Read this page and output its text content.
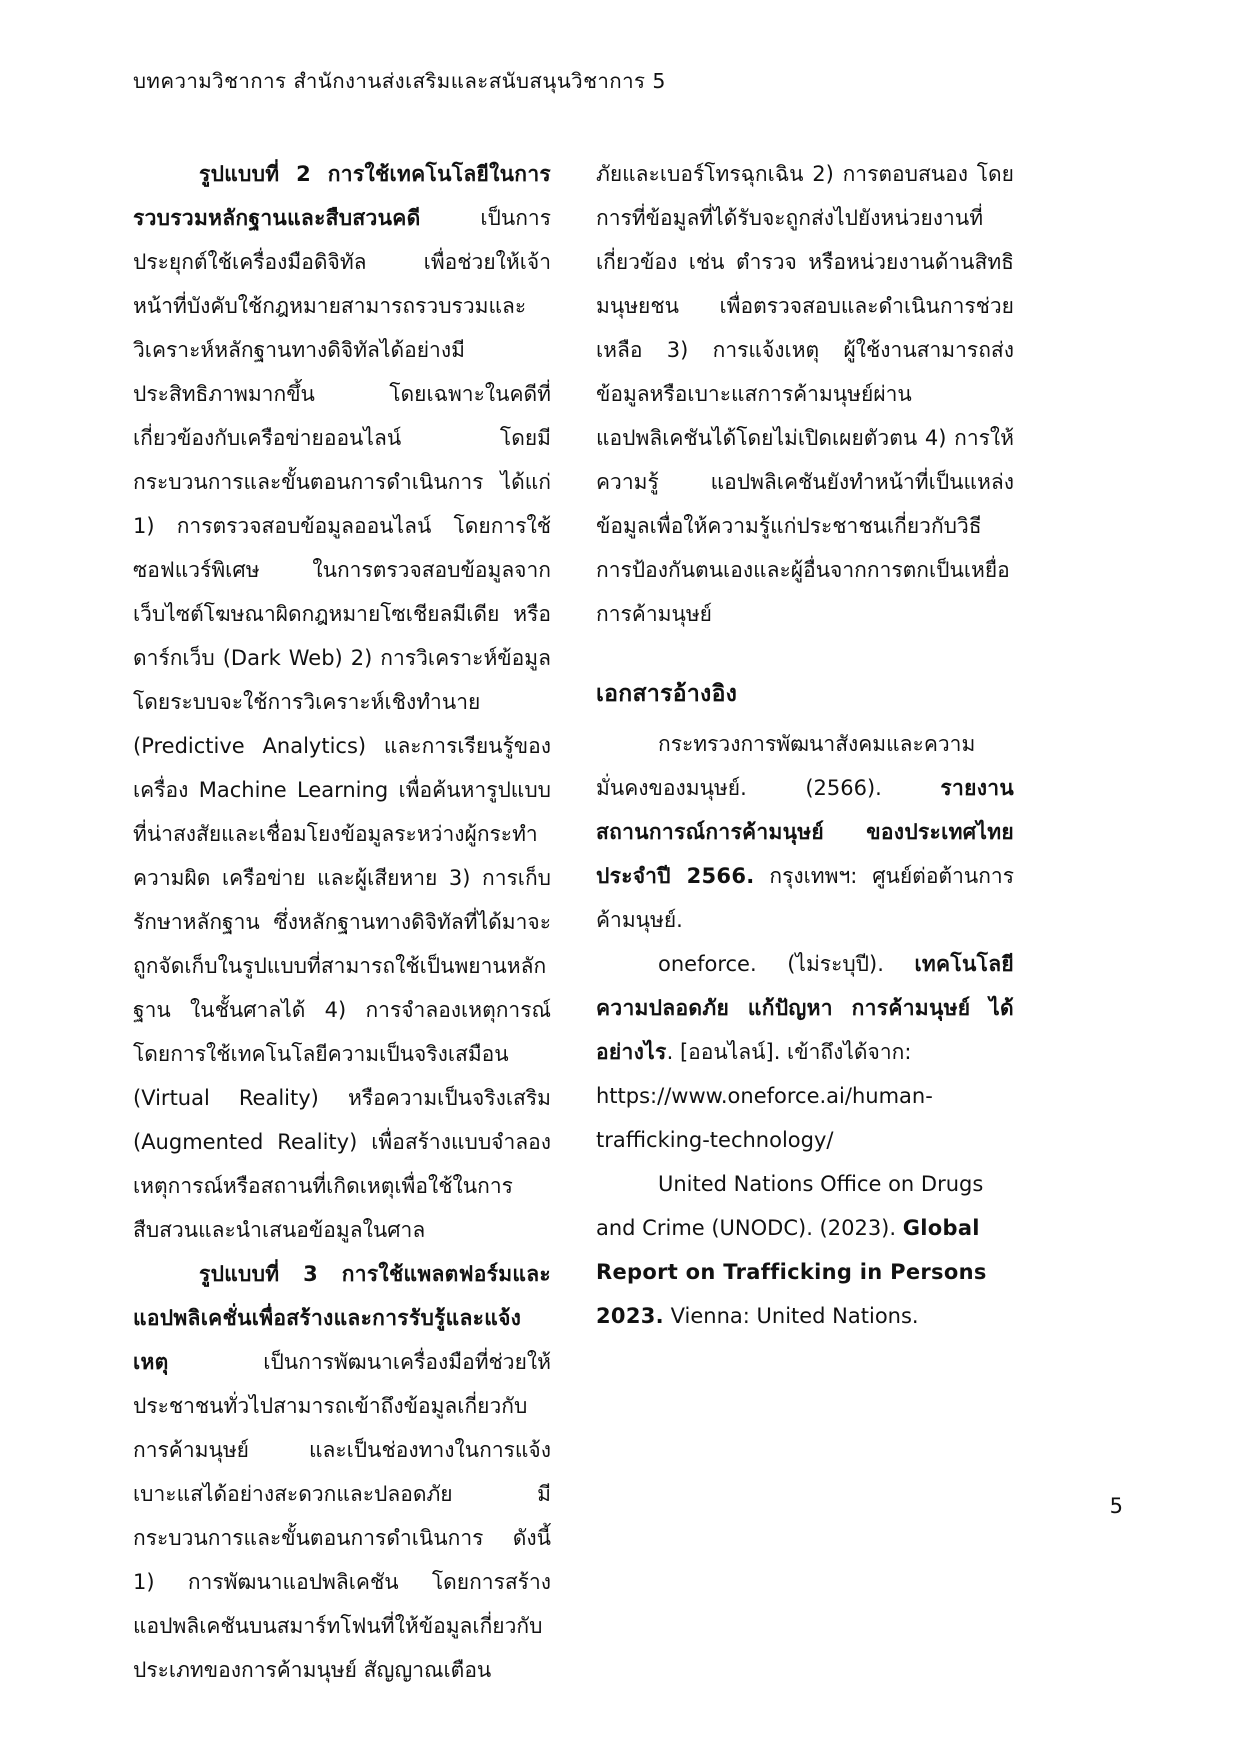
บทความวิชาการ สำนักงานส่งเสริมและสนับสนุนวิชาการ 5

รูปแบบที่ 2 การใช้เทคโนโลยีในการรวบรวมหลักฐานและสืบสวนคดี เป็นการประยุกต์ใช้เครื่องมือดิจิทัล เพื่อช่วยให้เจ้าหน้าที่บังคับใช้กฎหมายสามารถรวบรวมและวิเคราะห์หลักฐานทางดิจิทัลได้อย่างมีประสิทธิภาพมากขึ้น โดยเฉพาะในคดีที่เกี่ยวข้องกับเครือข่ายออนไลน์ โดยมีกระบวนการและขั้นตอนการดำเนินการ ได้แก่ 1) การตรวจสอบข้อมูลออนไลน์ โดยการใช้ซอฟแวร์พิเศษ ในการตรวจสอบข้อมูลจากเว็บไซต์โฆษณาผิดกฎหมายโซเชียลมีเดีย หรือดาร์กเว็บ (Dark Web) 2) การวิเคราะห์ข้อมูล โดยระบบจะใช้การวิเคราะห์เชิงทำนาย (Predictive Analytics) และการเรียนรู้ของเครื่อง Machine Learning เพื่อค้นหารูปแบบที่น่าสงสัยและเชื่อมโยงข้อมูลระหว่างผู้กระทำความผิด เครือข่าย และผู้เสียหาย 3) การเก็บรักษาหลักฐาน ซึ่งหลักฐานทางดิจิทัลที่ได้มาจะถูกจัดเก็บในรูปแบบที่สามารถใช้เป็นพยานหลักฐาน ในชั้นศาลได้ 4) การจำลองเหตุการณ์ โดยการใช้เทคโนโลยีความเป็นจริงเสมือน (Virtual Reality) หรือความเป็นจริงเสริม (Augmented Reality) เพื่อสร้างแบบจำลองเหตุการณ์หรือสถานที่เกิดเหตุเพื่อใช้ในการสืบสวนและนำเสนอข้อมูลในศาล

รูปแบบที่ 3 การใช้แพลตฟอร์มและแอปพลิเคชั่นเพื่อสร้างและการรับรู้และแจ้งเหตุ เป็นการพัฒนาเครื่องมือที่ช่วยให้ประชาชนทั่วไปสามารถเข้าถึงข้อมูลเกี่ยวกับการค้ามนุษย์ และเป็นช่องทางในการแจ้งเบาะแสได้อย่างสะดวกและปลอดภัย มีกระบวนการและขั้นตอนการดำเนินการ ดังนี้ 1) การพัฒนาแอปพลิเคชัน โดยการสร้างแอปพลิเคชันบนสมาร์ทโฟนที่ให้ข้อมูลเกี่ยวกับประเภทของการค้ามนุษย์ สัญญาณเตือน

ภัยและเบอร์โทรฉุกเฉิน 2) การตอบสนอง โดยการที่ข้อมูลที่ได้รับจะถูกส่งไปยังหน่วยงานที่เกี่ยวข้อง เช่น ตำรวจ หรือหน่วยงานด้านสิทธิมนุษยชน เพื่อตรวจสอบและดำเนินการช่วยเหลือ 3) การแจ้งเหตุ ผู้ใช้งานสามารถส่งข้อมูลหรือเบาะแสการค้ามนุษย์ผ่านแอปพลิเคชันได้โดยไม่เปิดเผยตัวตน 4) การให้ความรู้ แอปพลิเคชันยังทำหน้าที่เป็นแหล่งข้อมูลเพื่อให้ความรู้แก่ประชาชนเกี่ยวกับวิธีการป้องกันตนเองและผู้อื่นจากการตกเป็นเหยื่อการค้ามนุษย์

เอกสารอ้างอิง

กระทรวงการพัฒนาสังคมและความมั่นคงของมนุษย์. (2566). รายงานสถานการณ์การค้ามนุษย์ ของประเทศไทย ประจำปี 2566. กรุงเทพฯ: ศูนย์ต่อต้านการค้ามนุษย์.

oneforce. (ไม่ระบุปี). เทคโนโลยีความปลอดภัย แก้ปัญหา การค้ามนุษย์ ได้อย่างไร. [ออนไลน์]. เข้าถึงได้จาก:

https://www.oneforce.ai/human-trafficking-technology/

United Nations Office on Drugs and Crime (UNODC). (2023). Global Report on Trafficking in Persons 2023. Vienna: United Nations.

5
